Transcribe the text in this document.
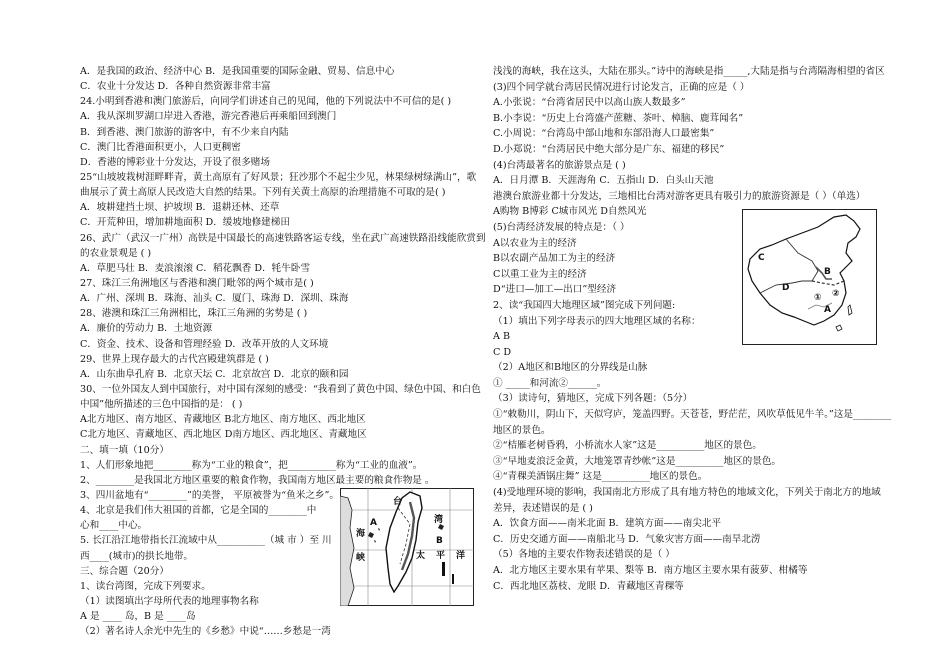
A．是我国的政治、经济中心 B．是我国重要的国际金融、贸易、信息中心
C．农业十分发达 D．各种自然资源非常丰富
24.小明到香港和澳门旅游后，向同学们讲述自己的见闻，他的下列说法中不可信的是( )
A．我从深圳罗湖口岸进入香港，游完香港后再乘船回到澳门
B．到香港、澳门旅游的游客中，有不少来自内陆
C．澳门比香港面积更小，人口更稠密
D．香港的博彩业十分发达，开设了很多赌场
25“山坡坡栽树涯畔畔青，黄土高原有了好风景；狂沙那个不起尘少见，林果绿树绿满山”，歌
曲展示了黄土高原人民改造大自然的结果。下列有关黄土高原的治理措施不可取的是( )
A．坡耕建挡土坝、护坡坝 B．退耕还林、还草
C．开荒种田，增加耕地面积 D．缓坡地修建梯田
26、武广（武汉一广州）高铁是中国最长的高速铁路客运专线，坐在武广高速铁路沿线能欣赏到
的农业景观是 ( )
A．草肥马壮 B．麦浪滚滚 C．稻花飘香 D．牦牛卧雪
27、珠江三角洲地区与香港和澳门毗邻的两个城市是( )
A．广州、深圳 B．珠海、汕头 C．厦门、珠海 D．深圳、珠海
28、港澳和珠江三角洲相比，珠江三角洲的劣势是 ( )
A．廉价的劳动力 B．土地资源
C．资金、技术、设备和管理经验 D．改革开放的人文环境
29、世界上现存最大的古代宫殿建筑群是 ( )
A．山东曲阜孔府 B．北京天坛 C．北京故宫 D．北京的颐和园
30、一位外国友人到中国旅行，对中国有深刻的感受：“我看到了黄色中国、绿色中国、和白色
中国”他所描述的三色中国指的是： ( )
A北方地区、南方地区、青藏地区 B北方地区、南方地区、西北地区
C北方地区、青藏地区、西北地区 D南方地区、西北地区、青藏地区
二、填一填（10分）
1、人们形象地把________称为“工业的粮食”，把__________称为“工业的血液”。
2、________是我国北方地区重要的粮食作物，我国南方地区最主要的粮食作物是 。
3、四川盆地有“________”的美誉， 平原被誉为“鱼米之乡”。
4、北京是我们伟大祖国的首都，它是全国的________中
心和____中心。
5. 长江沿江地带指长江流域中从__________（城 市 ）至 川
西____(城市)的拱长地带。
三、综合题（20分）
1、读台湾图，完成下列要求。
（1）读图填出字母所代表的地理事物名称
A 是 ____ 岛，B 是 ____岛
（2）著名诗人余光中先生的《乡愁》中说“……乡愁是一湾
浅浅的海峡，我在这头，大陆在那头。”诗中的海峡是指_____,大陆是指与台湾隔海相望的省区
(3)四个同学就台湾居民情况进行讨论发言，正确的应是（ ）
A.小张说：“台湾省居民中以高山族人数最多”
B.小李说：“历史上台湾盛产蔗糖、茶叶、樟脑、鹿茸闻名”
C.小周说：“台湾岛中部山地和东部沿海人口最密集”
D.小郑说：“台湾居民中绝大部分是广东、福建的移民”
(4)台湾最著名的旅游景点是 ( )
A．日月潭 B．天涯海角 C．五指山 D．白头山天池
港澳台旅游业都十分发达，三地相比台湾对游客更具有吸引力的旅游资源是（ ）（单选）
A购物 B博彩 C城市风光 D自然风光
(5)台湾经济发展的特点是：（ ）
A以农业为主的经济
B以农副产品加工为主的经济
C以重工业为主的经济
D“进口—加工—出口”型经济
2、读“我国四大地理区域”图完成下列问题:
（1）填出下列字母表示的四大地理区域的名称：
A B
C D
（2）A地区和B地区的分界线是山脉
① _____和河流②______。
（3）读诗句，猜地区，完成下列各题：（5分）
①“敕勒川，阴山下，天似穹庐，笼盖四野。天苍苍，野茫茫，风吹草低见牛羊。”这是________
地区的景色。
②“桔雁老树昏鸦，小桥流水人家”这是__________地区的景色。
③“早地麦浪泛金黄，大地笼罩青纱帐”这是__________地区的景色。
④“青稞美酒锅庄舞” 这是__________地区的景色。
(4)受地理环境的影响，我国南北方形成了具有地方特色的地域文化，下列关于南北方的地域
差异，表述错误的是 ( )
A．饮食方面——南米北面 B．建筑方面——南尖北平
C．历史交通方面——南船北马 D．气象灾害方面——南旱北涝
（5）各地的主要农作物表述错误的是（ ）
A．北方地区主要水果有苹果、梨等 B．南方地区主要水果有菠萝、柑橘等
C．西北地区荔枝、龙眼 D．青藏地区青稞等
台
湾
海
峡
A
B
太 平 洋
C
D
B
A
②
①
